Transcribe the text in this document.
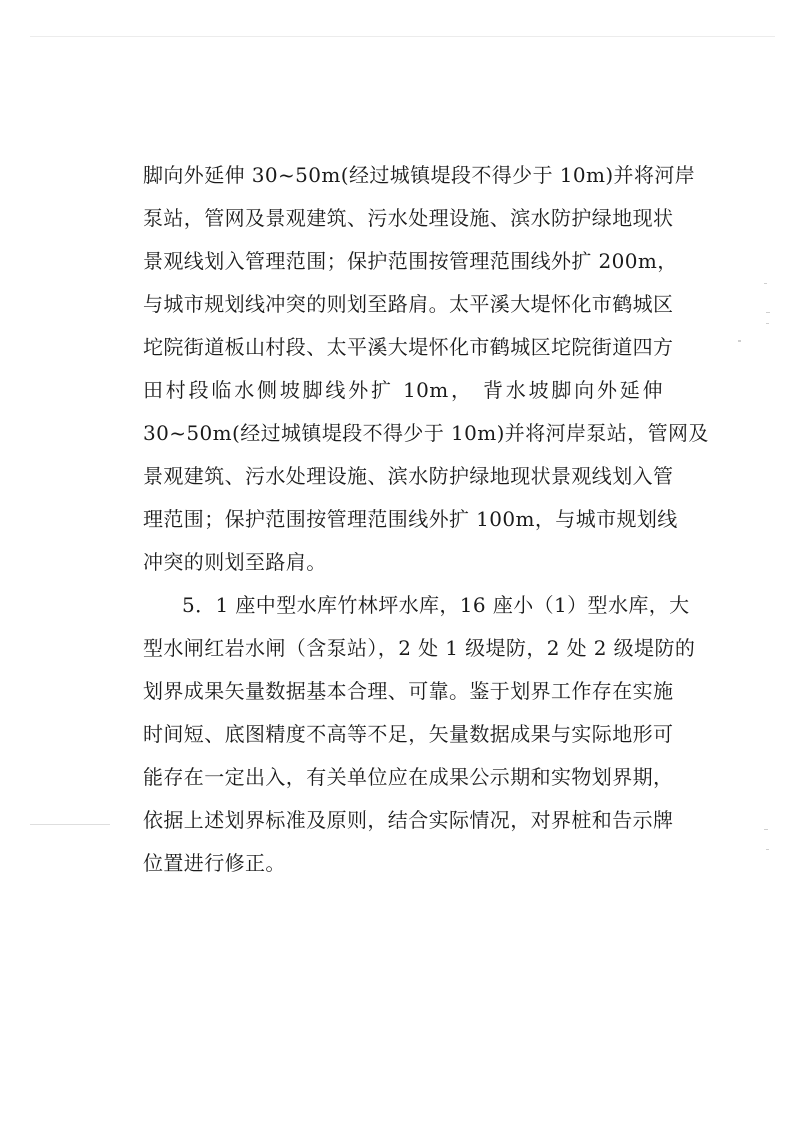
脚向外延伸 30~50m(经过城镇堤段不得少于 10m)并将河岸
泵站，管网及景观建筑、污水处理设施、滨水防护绿地现状
景观线划入管理范围；保护范围按管理范围线外扩 200m，
与城市规划线冲突的则划至路肩。太平溪大堤怀化市鹤城区
坨院街道板山村段、太平溪大堤怀化市鹤城区坨院街道四方
田村段临水侧坡脚线外扩 10m， 背水坡脚向外延伸
30~50m(经过城镇堤段不得少于 10m)并将河岸泵站，管网及
景观建筑、污水处理设施、滨水防护绿地现状景观线划入管
理范围；保护范围按管理范围线外扩 100m，与城市规划线
冲突的则划至路肩。
5．1 座中型水库竹林坪水库，16 座小（1）型水库，大
型水闸红岩水闸（含泵站），2 处 1 级堤防，2 处 2 级堤防的
划界成果矢量数据基本合理、可靠。鉴于划界工作存在实施
时间短、底图精度不高等不足，矢量数据成果与实际地形可
能存在一定出入，有关单位应在成果公示期和实物划界期，
依据上述划界标准及原则，结合实际情况，对界桩和告示牌
位置进行修正。
